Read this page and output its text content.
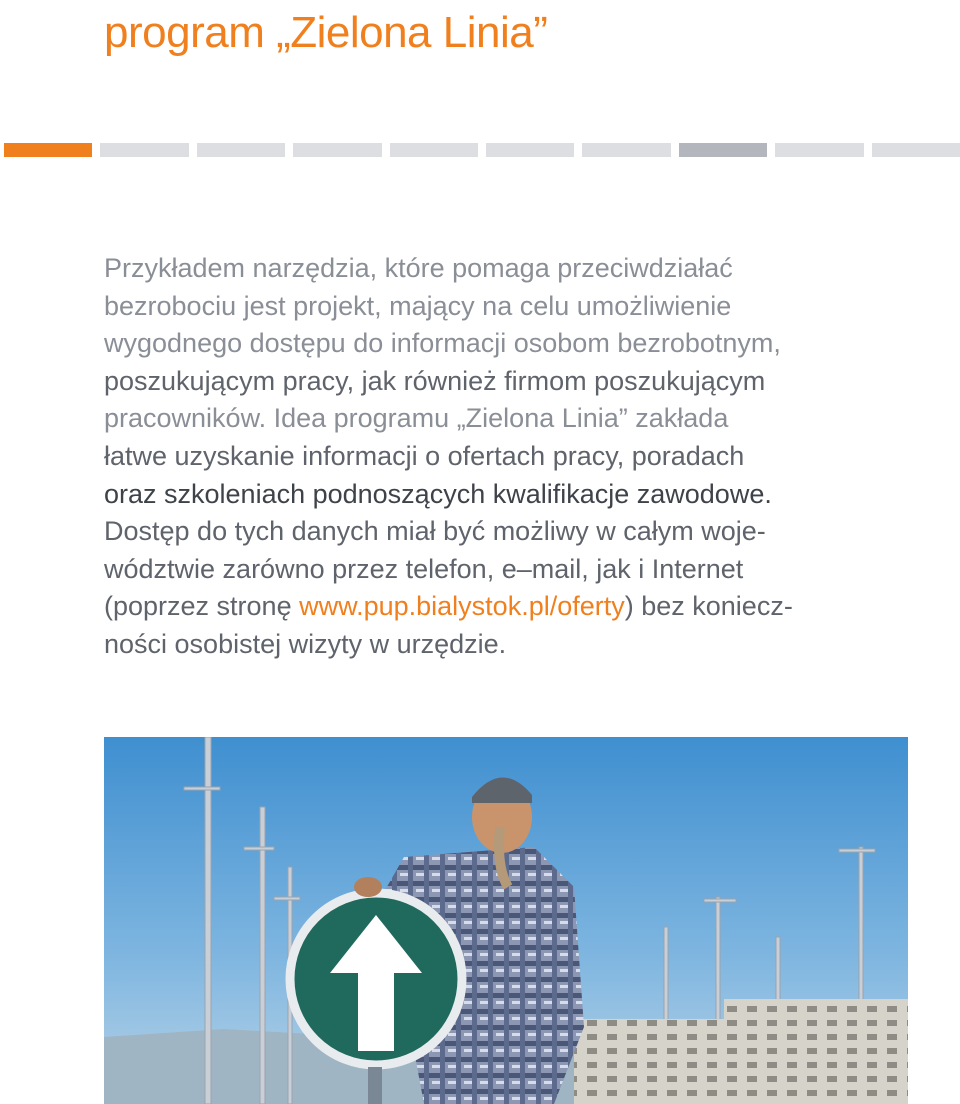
program „Zielona Linia”

Przykładem narzędzia, które pomaga przeciwdziałać
bezrobociu jest projekt, mający na celu umożliwienie
wygodnego dostępu do informacji osobom bezrobotnym,
poszukującym pracy, jak również firmom poszukującym
pracowników. Idea programu „Zielona Linia” zakłada
łatwe uzyskanie informacji o ofertach pracy, poradach
oraz szkoleniach podnoszących kwalifikacje zawodowe.
Dostęp do tych danych miał być możliwy w całym woje-
wództwie zarówno przez telefon, e–mail, jak i Internet
(poprzez stronę www.pup.bialystok.pl/oferty) bez koniecz-
ności osobistej wizyty w urzędzie.
